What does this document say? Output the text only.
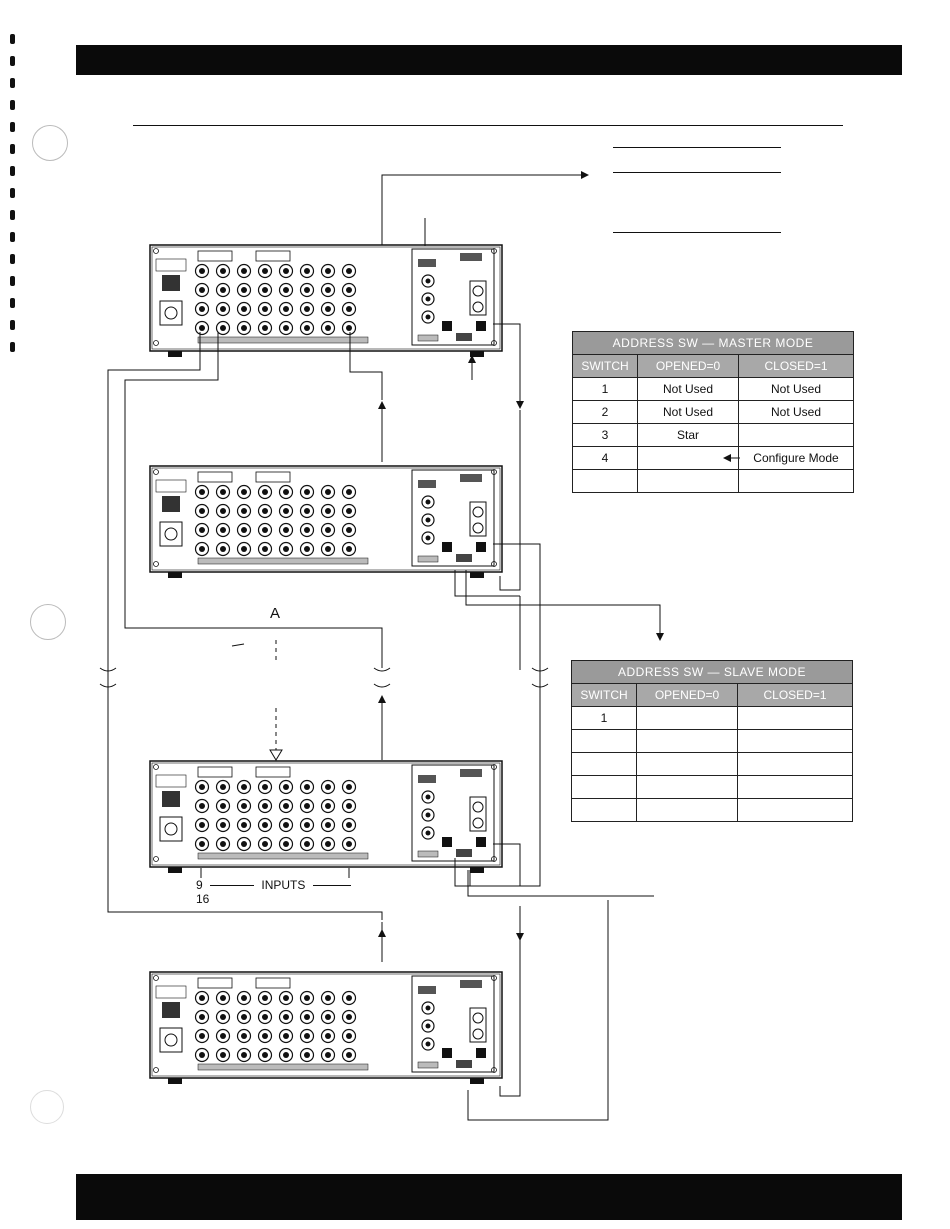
A
9	INPUTS  16
ADDRESS SW — MASTER MODE		
SWITCH	OPENED=0	CLOSED=1
1	Not Used	Not Used
2	Not Used	Not Used
3	Star	
4		Configure Mode

ADDRESS SW — SLAVE MODE		
SWITCH	OPENED=0	CLOSED=1
1		
